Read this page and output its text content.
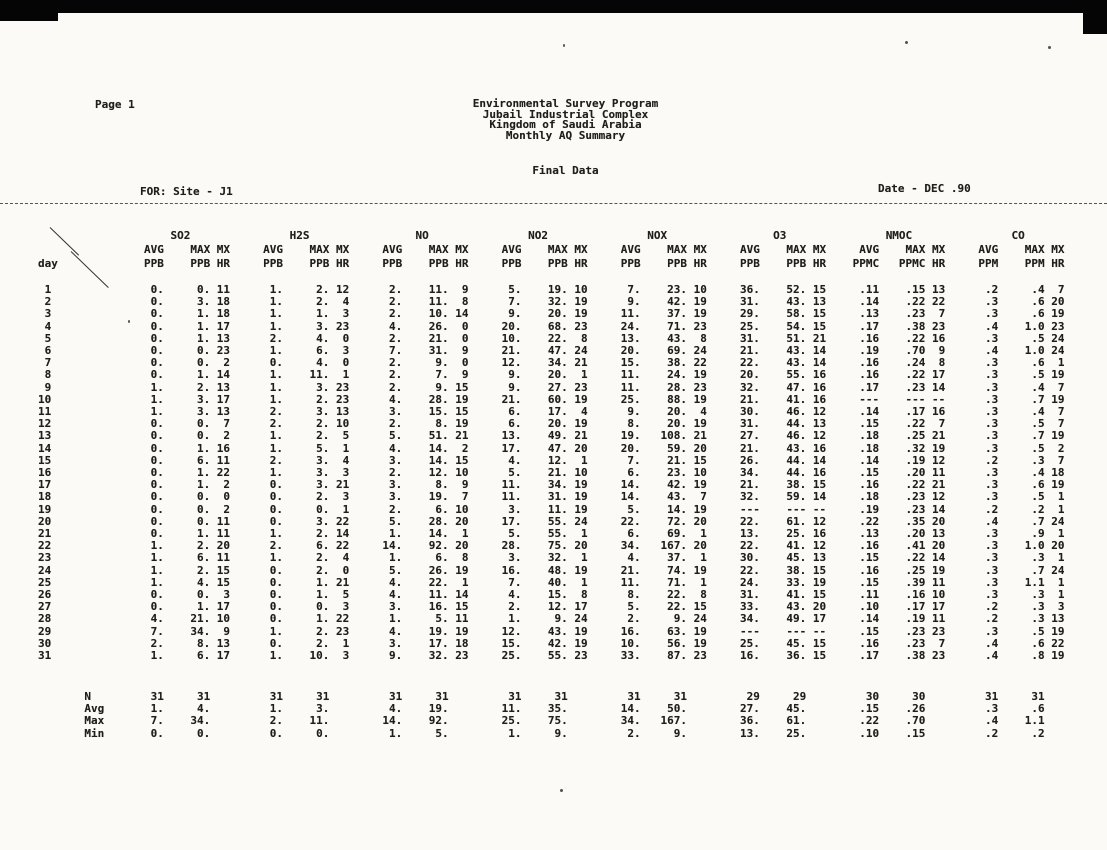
Page 1	Environmental Survey Program
Jubail Industrial Complex
Kingdom of Saudi Arabia
Monthly AQ Summary
Final Data
FOR: Site - J1	Date - DEC .90
SO2               H2S                NO               NO2               NOX                O3               NMOC               CO
AVG    MAX MX     AVG    MAX MX     AVG    MAX MX     AVG    MAX MX     AVG    MAX MX     AVG    MAX MX     AVG    MAX MX     AVG    MAX MX
day             PPB    PPB HR     PPB    PPB HR     PPB    PPB HR     PPB    PPB HR     PPB    PPB HR     PPB    PPB HR    PPMC   PPMC HR     PPM    PPM HR
1               0.     0. 11      1.     2. 12      2.    11.  9      5.    19. 10      7.    23. 10     36.    52. 15     .11    .15 13      .2     .4  7
2               0.     3. 18      1.     2.  4      2.    11.  8      7.    32. 19      9.    42. 19     31.    43. 13     .14    .22 22      .3     .6 20
3               0.     1. 18      1.     1.  3      2.    10. 14      9.    20. 19     11.    37. 19     29.    58. 15     .13    .23  7      .3     .6 19
4               0.     1. 17      1.     3. 23      4.    26.  0     20.    68. 23     24.    71. 23     25.    54. 15     .17    .38 23      .4    1.0 23
5               0.     1. 13      2.     4.  0      2.    21.  0     10.    22.  8     13.    43.  8     31.    51. 21     .16    .22 16      .3     .5 24
6               0.     0. 23      1.     6.  3      7.    31.  9     21.    47. 24     20.    69. 24     21.    43. 14     .19    .70  9      .4    1.0 24
7               0.     0.  2      0.     4.  0      2.     9.  0     12.    34. 21     15.    38. 22     22.    43. 14     .16    .24  8      .3     .6  1
8               0.     1. 14      1.    11.  1      2.     7.  9      9.    20.  1     11.    24. 19     20.    55. 16     .16    .22 17      .3     .5 19
9               1.     2. 13      1.     3. 23      2.     9. 15      9.    27. 23     11.    28. 23     32.    47. 16     .17    .23 14      .3     .4  7
10               1.     3. 17      1.     2. 23      4.    28. 19     21.    60. 19     25.    88. 19     21.    41. 16     ---    --- --      .3     .7 19
11               1.     3. 13      2.     3. 13      3.    15. 15      6.    17.  4      9.    20.  4     30.    46. 12     .14    .17 16      .3     .4  7
12               0.     0.  7      2.     2. 10      2.     8. 19      6.    20. 19      8.    20. 19     31.    44. 13     .15    .22  7      .3     .5  7
13               0.     0.  2      1.     2.  5      5.    51. 21     13.    49. 21     19.   108. 21     27.    46. 12     .18    .25 21      .3     .7 19
14               0.     1. 16      1.     5.  1      4.    14.  2     17.    47. 20     20.    59. 20     21.    43. 16     .18    .32 19      .3     .5  2
15               0.     6. 11      2.     3.  4      3.    14. 15      4.    12.  1      7.    21. 15     26.    44. 14     .14    .19 12      .2     .3  7
16               0.     1. 22      1.     3.  3      2.    12. 10      5.    21. 10      6.    23. 10     34.    44. 16     .15    .20 11      .3     .4 18
17               0.     1.  2      0.     3. 21      3.     8.  9     11.    34. 19     14.    42. 19     21.    38. 15     .16    .22 21      .3     .6 19
18               0.     0.  0      0.     2.  3      3.    19.  7     11.    31. 19     14.    43.  7     32.    59. 14     .18    .23 12      .3     .5  1
19               0.     0.  2      0.     0.  1      2.     6. 10      3.    11. 19      5.    14. 19     ---    --- --     .19    .23 14      .2     .2  1
20               0.     0. 11      0.     3. 22      5.    28. 20     17.    55. 24     22.    72. 20     22.    61. 12     .22    .35 20      .4     .7 24
21               0.     1. 11      1.     2. 14      1.    14.  1      5.    55.  1      6.    69.  1     13.    25. 16     .13    .20 13      .3     .9  1
22               1.     2. 20      2.     6. 22     14.    92. 20     28.    75. 20     34.   167. 20     22.    41. 12     .16    .41 20      .3    1.0 20
23               1.     6. 11      1.     2.  4      1.     6.  8      3.    32.  1      4.    37.  1     30.    45. 13     .15    .22 14      .3     .3  1
24               1.     2. 15      0.     2.  0      5.    26. 19     16.    48. 19     21.    74. 19     22.    38. 15     .16    .25 19      .3     .7 24
25               1.     4. 15      0.     1. 21      4.    22.  1      7.    40.  1     11.    71.  1     24.    33. 19     .15    .39 11      .3    1.1  1
26               0.     0.  3      0.     1.  5      4.    11. 14      4.    15.  8      8.    22.  8     31.    41. 15     .11    .16 10      .3     .3  1
27               0.     1. 17      0.     0.  3      3.    16. 15      2.    12. 17      5.    22. 15     33.    43. 20     .10    .17 17      .2     .3  3
28               4.    21. 10      0.     1. 22      1.     5. 11      1.     9. 24      2.     9. 24     34.    49. 17     .14    .19 11      .2     .3 13
29               7.    34.  9      1.     2. 23      4.    19. 19     12.    43. 19     16.    63. 19     ---    --- --     .15    .23 23      .3     .5 19
30               2.     8. 13      0.     2.  1      3.    17. 18     15.    42. 19     10.    56. 19     25.    45. 15     .16    .23  7      .4     .6 22
31               1.     6. 17      1.    10.  3      9.    32. 23     25.    55. 23     33.    87. 23     16.    36. 15     .17    .38 23      .4     .8 19
N         31     31         31     31         31     31         31     31         31     31         29     29         30     30         31     31
Avg       1.     4.         1.     3.         4.    19.        11.    35.        14.    50.        27.    45.        .15    .26         .3     .6
Max       7.    34.         2.    11.        14.    92.        25.    75.        34.   167.        36.    61.        .22    .70         .4    1.1
Min       0.     0.         0.     0.         1.     5.         1.     9.         2.     9.        13.    25.        .10    .15         .2     .2
